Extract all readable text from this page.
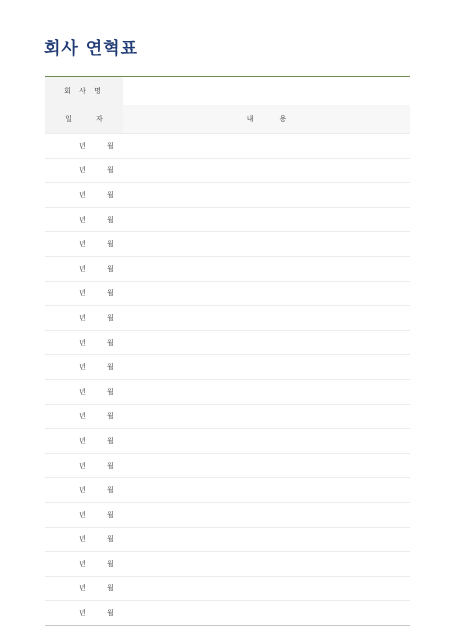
회사 연혁표
회 사 명	
일 자	내 용

년 월	

년 월	

년 월	

년 월	

년 월	

년 월	

년 월	

년 월	

년 월	

년 월	

년 월	

년 월	

년 월	

년 월	

년 월	

년 월	

년 월	

년 월	

년 월	

년 월	
